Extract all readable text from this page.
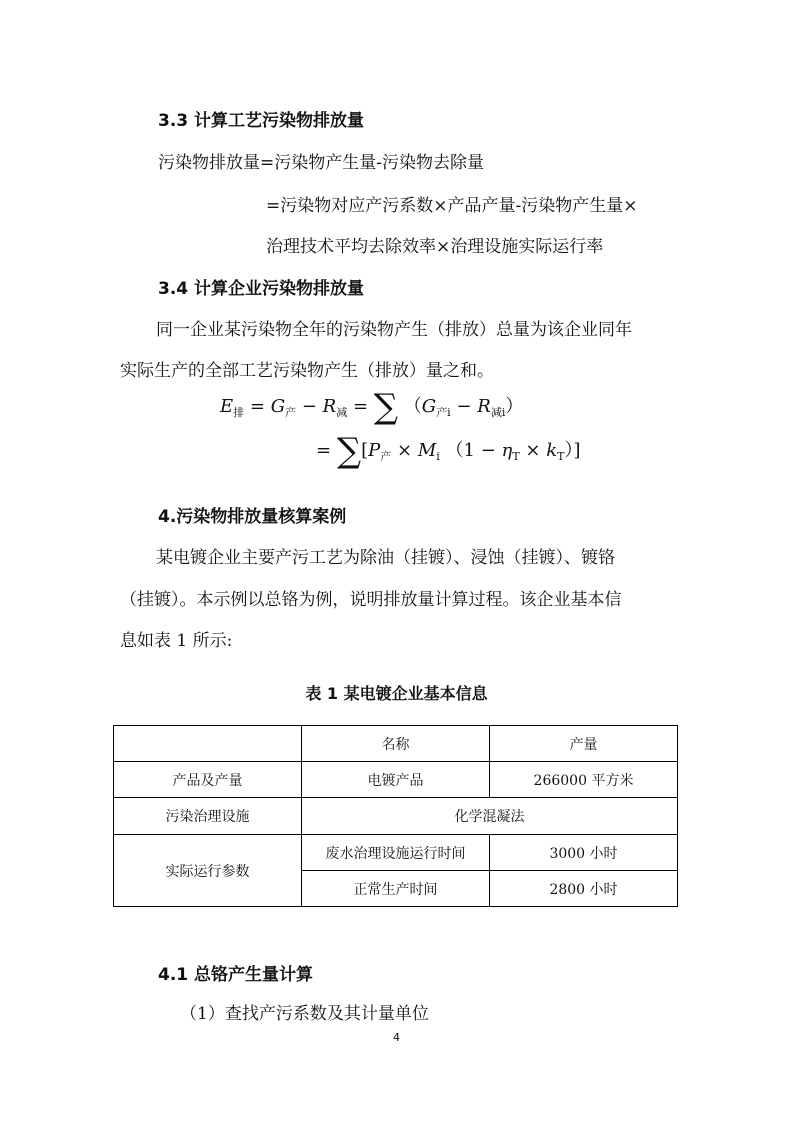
3.3 计算工艺污染物排放量
污染物排放量=污染物产生量-污染物去除量
=污染物对应产污系数×产品产量-污染物产生量×
治理技术平均去除效率×治理设施实际运行率
3.4 计算企业污染物排放量
同一企业某污染物全年的污染物产生（排放）总量为该企业同年
实际生产的全部工艺污染物产生（排放）量之和。
$E_排 = G_产 - R_减$ = ∑ $(G_{产i} - R_{减i})$
= $\sum[P_产 \times M_i$ $(1 - \eta_T \times k_T)$]
4.污染物排放量核算案例
某电镀企业主要产污工艺为除油（挂镀）、浸蚀（挂镀）、镀铬
（挂镀）。本示例以总铬为例，说明排放量计算过程。该企业基本信
息如表 1 所示:
表 1 某电镀企业基本信息
	名称	产量
产品及产量	电镀产品	266000 平方米
污染治理设施	化学混凝法	
实际运行参数	废水治理设施运行时间	3000 小时
	正常生产时间	2800 小时
4.1 总铬产生量计算
（1）查找产污系数及其计量单位
4
